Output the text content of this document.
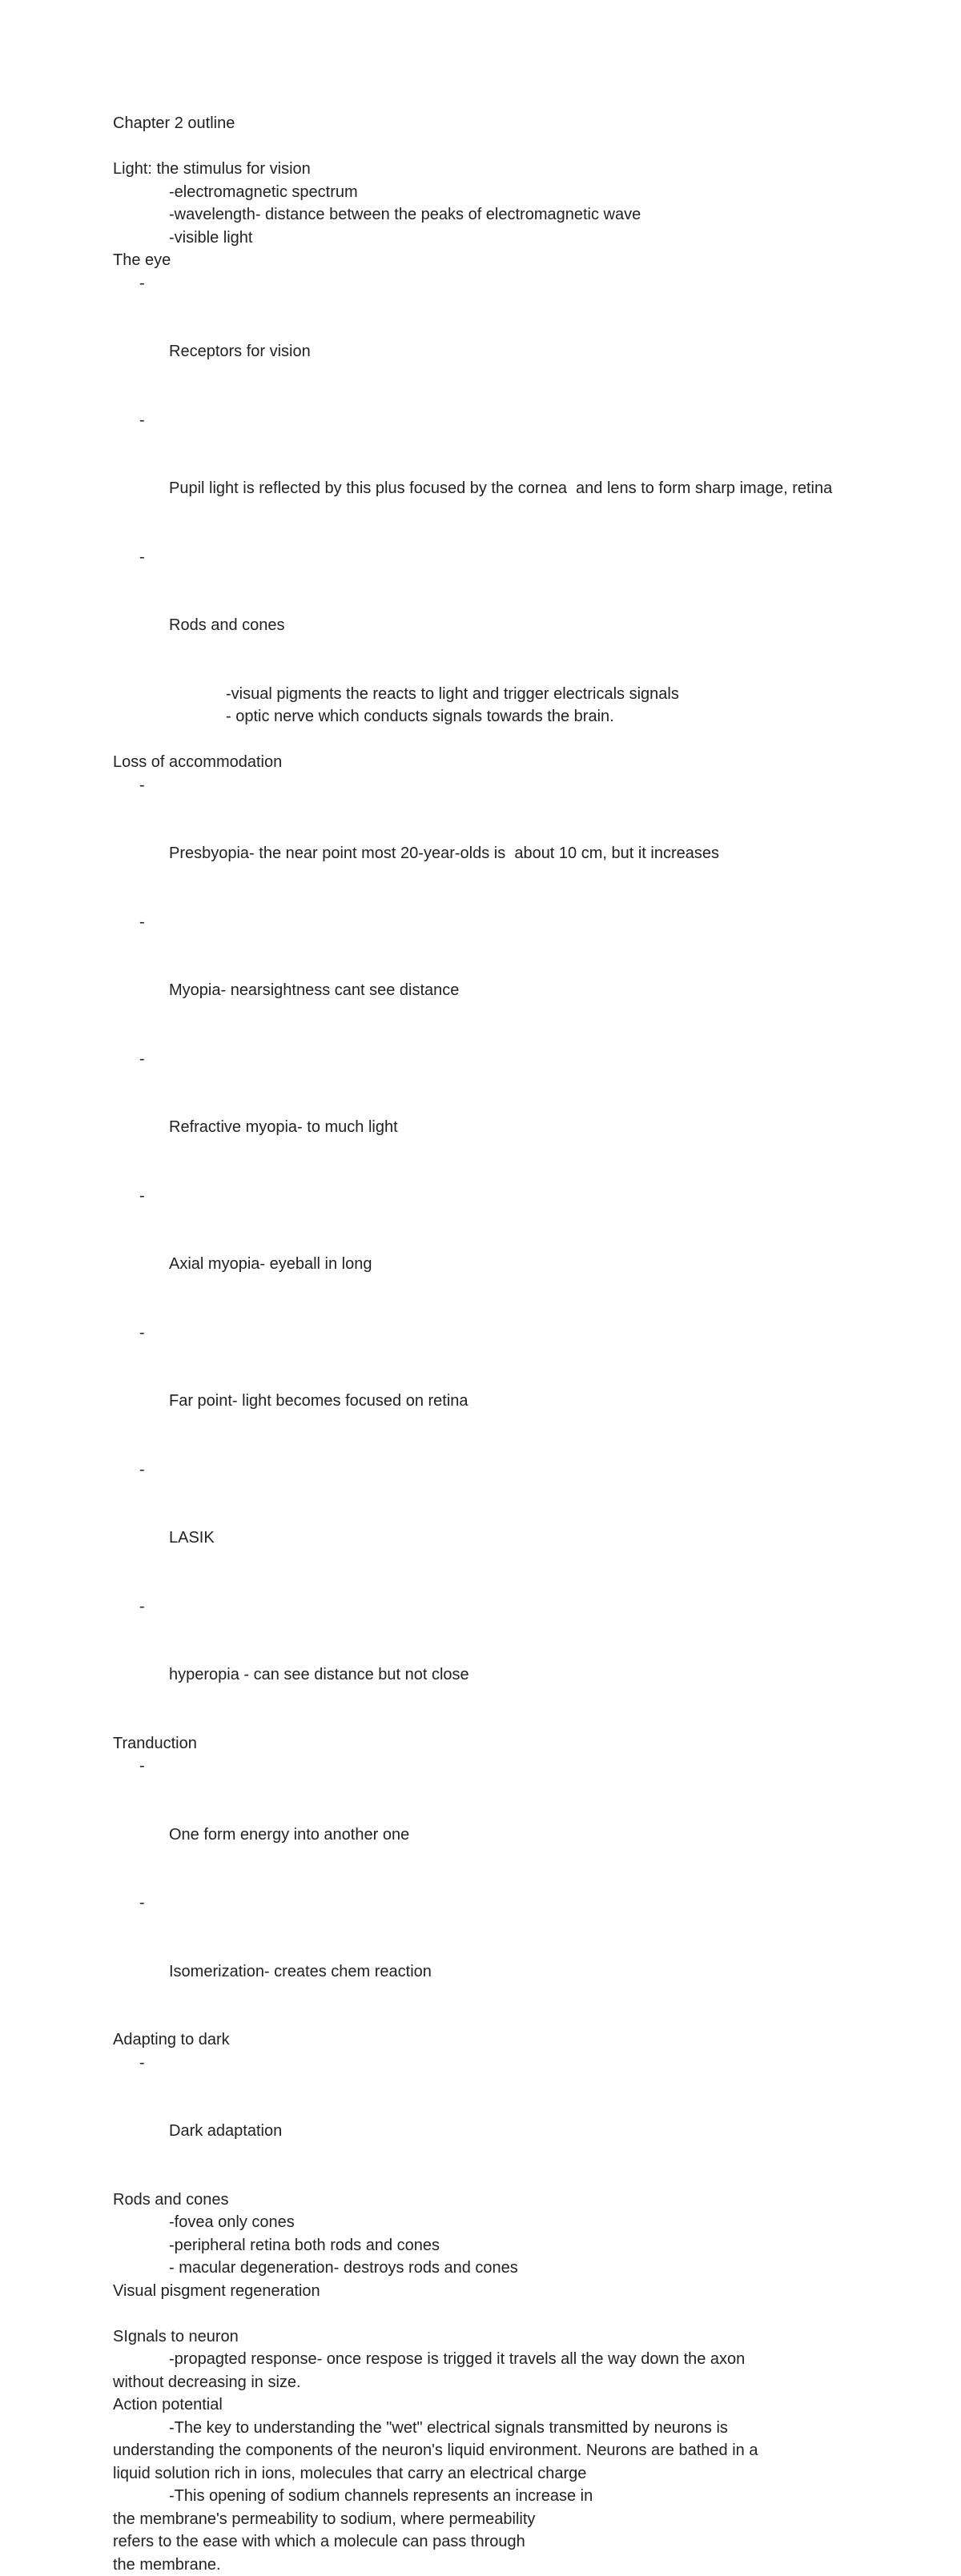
Chapter 2 outline

Light: the stimulus for vision

-electromagnetic spectrum

-wavelength- distance between the peaks of electromagnetic wave

-visible light

The eye

-

Receptors for vision

-

Pupil light is reflected by this plus focused by the cornea  and lens to form sharp image, retina

-

Rods and cones

-visual pigments the reacts to light and trigger electricals signals

- optic nerve which conducts signals towards the brain.

Loss of accommodation

-

Presbyopia- the near point most 20-year-olds is  about 10 cm, but it increases

-

Myopia- nearsightness cant see distance

-

Refractive myopia- to much light

-

Axial myopia- eyeball in long

-

Far point- light becomes focused on retina

-

LASIK

-

hyperopia - can see distance but not close

Tranduction

-

One form energy into another one

-

Isomerization- creates chem reaction

Adapting to dark

-

Dark adaptation

Rods and cones

-fovea only cones

-peripheral retina both rods and cones

- macular degeneration- destroys rods and cones

Visual pisgment regeneration

SIgnals to neuron

-propagted response- once respose is trigged it travels all the way down the axon

without decreasing in size.

Action potential

-The key to understanding the "wet" electrical signals transmitted by neurons is

understanding the components of the neuron's liquid environment. Neurons are bathed in a

liquid solution rich in ions, molecules that carry an electrical charge

-This opening of sodium channels represents an increase in

the membrane's permeability to sodium, where permeability

refers to the ease with which a molecule can pass through

the membrane.
